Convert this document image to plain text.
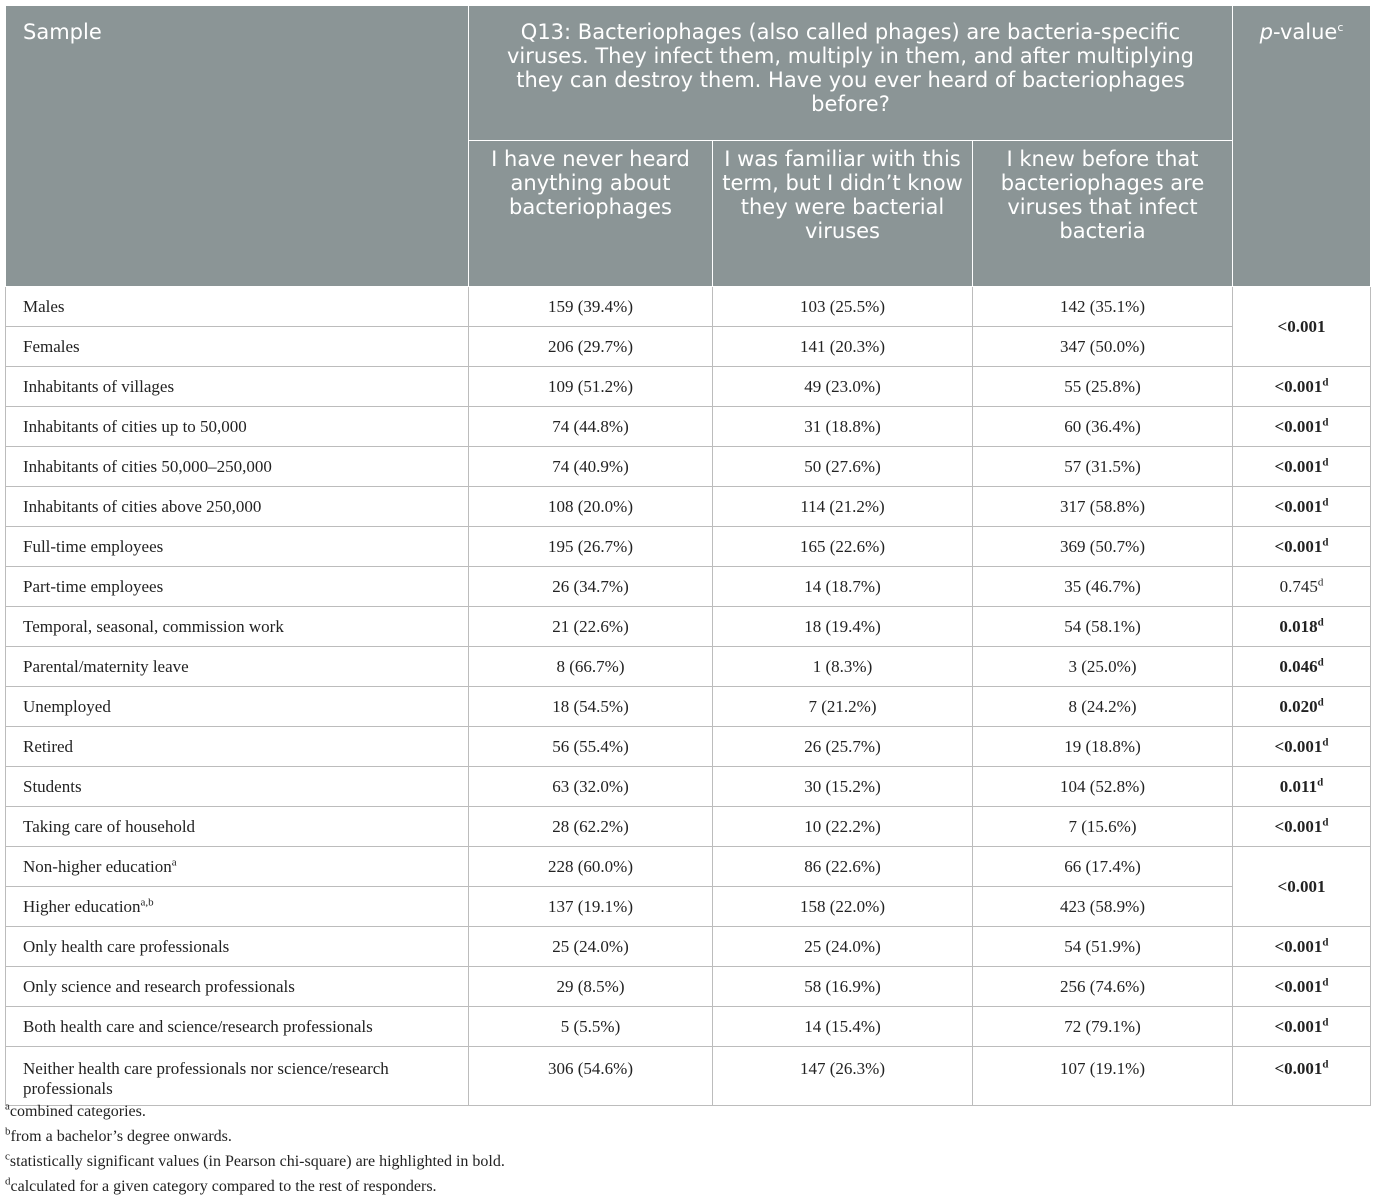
Sample	Q13: Bacteriophages (also called phages) are bacteria-specific viruses. They infect them, multiply in them, and after multiplying they can destroy them. Have you ever heard of bacteriophages before?			p-value$^c$
	I have never heard anything about bacteriophages	I was familiar with this term, but I didn’t know they were bacterial viruses	I knew before that bacteriophages are viruses that infect bacteria	
Males	159 (39.4%)	103 (25.5%)	142 (35.1%)	<0.001
Females	206 (29.7%)	141 (20.3%)	347 (50.0%)	
Inhabitants of villages	109 (51.2%)	49 (23.0%)	55 (25.8%)	<0.001$^d$
Inhabitants of cities up to 50,000	74 (44.8%)	31 (18.8%)	60 (36.4%)	<0.001$^d$
Inhabitants of cities 50,000–250,000	74 (40.9%)	50 (27.6%)	57 (31.5%)	<0.001$^d$
Inhabitants of cities above 250,000	108 (20.0%)	114 (21.2%)	317 (58.8%)	<0.001$^d$
Full-time employees	195 (26.7%)	165 (22.6%)	369 (50.7%)	<0.001$^d$
Part-time employees	26 (34.7%)	14 (18.7%)	35 (46.7%)	0.745$^d$
Temporal, seasonal, commission work	21 (22.6%)	18 (19.4%)	54 (58.1%)	0.018$^d$
Parental/maternity leave	8 (66.7%)	1 (8.3%)	3 (25.0%)	0.046$^d$
Unemployed	18 (54.5%)	7 (21.2%)	8 (24.2%)	0.020$^d$
Retired	56 (55.4%)	26 (25.7%)	19 (18.8%)	<0.001$^d$
Students	63 (32.0%)	30 (15.2%)	104 (52.8%)	0.011$^d$
Taking care of household	28 (62.2%)	10 (22.2%)	7 (15.6%)	<0.001$^d$
Non-higher education$^a$	228 (60.0%)	86 (22.6%)	66 (17.4%)	<0.001
Higher education$^{a,b}$	137 (19.1%)	158 (22.0%)	423 (58.9%)	
Only health care professionals	25 (24.0%)	25 (24.0%)	54 (51.9%)	<0.001$^d$
Only science and research professionals	29 (8.5%)	58 (16.9%)	256 (74.6%)	<0.001$^d$
Both health care and science/research professionals	5 (5.5%)	14 (15.4%)	72 (79.1%)	<0.001$^d$
Neither health care professionals nor science/research professionals	306 (54.6%)	147 (26.3%)	107 (19.1%)	<0.001$^d$
$^a$combined categories.
$^b$from a bachelor’s degree onwards.
$^c$statistically significant values (in Pearson chi-square) are highlighted in bold.
$^d$calculated for a given category compared to the rest of responders.
